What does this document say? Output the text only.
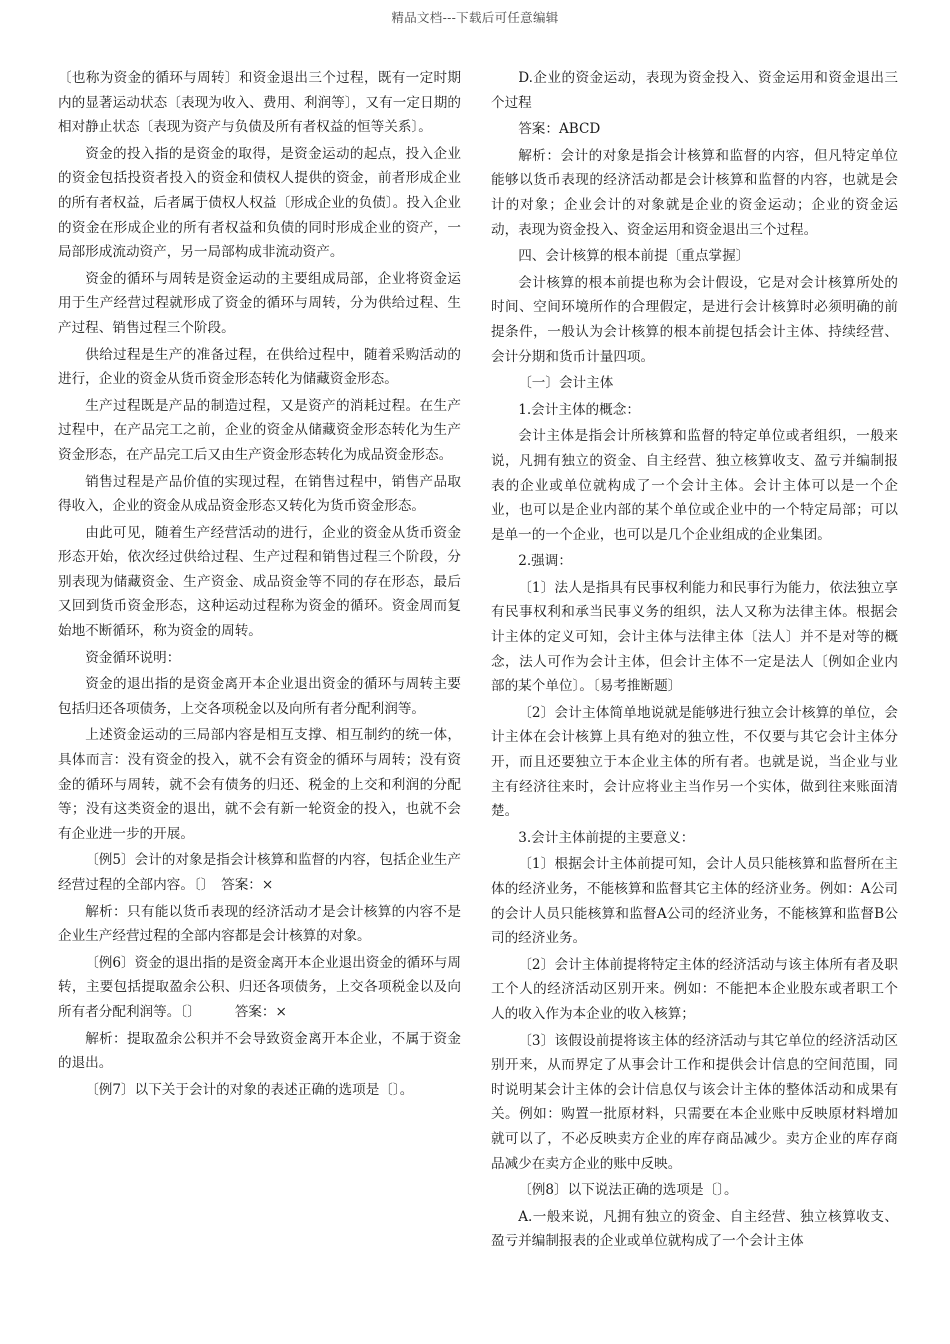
精品文档---下载后可任意编辑

〔也称为资金的循环与周转〕和资金退出三个过程，既有一定时期内的显著运动状态〔表现为收入、费用、利润等〕，又有一定日期的相对静止状态〔表现为资产与负债及所有者权益的恒等关系〕。

资金的投入指的是资金的取得，是资金运动的起点，投入企业的资金包括投资者投入的资金和债权人提供的资金，前者形成企业的所有者权益，后者属于债权人权益〔形成企业的负债〕。投入企业的资金在形成企业的所有者权益和负债的同时形成企业的资产，一局部形成流动资产，另一局部构成非流动资产。

资金的循环与周转是资金运动的主要组成局部，企业将资金运用于生产经营过程就形成了资金的循环与周转，分为供给过程、生产过程、销售过程三个阶段。

供给过程是生产的准备过程，在供给过程中，随着采购活动的进行，企业的资金从货币资金形态转化为储藏资金形态。

生产过程既是产品的制造过程，又是资产的消耗过程。在生产过程中，在产品完工之前，企业的资金从储藏资金形态转化为生产资金形态，在产品完工后又由生产资金形态转化为成品资金形态。

销售过程是产品价值的实现过程，在销售过程中，销售产品取得收入，企业的资金从成品资金形态又转化为货币资金形态。

由此可见，随着生产经营活动的进行，企业的资金从货币资金形态开始，依次经过供给过程、生产过程和销售过程三个阶段，分别表现为储藏资金、生产资金、成品资金等不同的存在形态，最后又回到货币资金形态，这种运动过程称为资金的循环。资金周而复始地不断循环，称为资金的周转。

资金循环说明：

资金的退出指的是资金离开本企业退出资金的循环与周转主要包括归还各项债务，上交各项税金以及向所有者分配利润等。

上述资金运动的三局部内容是相互支撑、相互制约的统一体，具体而言：没有资金的投入，就不会有资金的循环与周转；没有资金的循环与周转，就不会有债务的归还、税金的上交和利润的分配等；没有这类资金的退出，就不会有新一轮资金的投入，也就不会有企业进一步的开展。

〔例5〕会计的对象是指会计核算和监督的内容，包括企业生产经营过程的全部内容。〔〕　答案：×

解析：只有能以货币表现的经济活动才是会计核算的内容不是企业生产经营过程的全部内容都是会计核算的对象。

〔例6〕资金的退出指的是资金离开本企业退出资金的循环与周转，主要包括提取盈余公积、归还各项债务，上交各项税金以及向所有者分配利润等。〔〕　　　答案：×

解析：提取盈余公积并不会导致资金离开本企业，不属于资金的退出。

〔例7〕以下关于会计的对象的表述正确的选项是〔〕。

D.企业的资金运动，表现为资金投入、资金运用和资金退出三个过程

答案：ABCD

解析：会计的对象是指会计核算和监督的内容，但凡特定单位能够以货币表现的经济活动都是会计核算和监督的内容，也就是会计的对象；企业会计的对象就是企业的资金运动；企业的资金运动，表现为资金投入、资金运用和资金退出三个过程。

四、会计核算的根本前提〔重点掌握〕

会计核算的根本前提也称为会计假设，它是对会计核算所处的时间、空间环境所作的合理假定，是进行会计核算时必须明确的前提条件，一般认为会计核算的根本前提包括会计主体、持续经营、会计分期和货币计量四项。

〔一〕会计主体

1.会计主体的概念：

会计主体是指会计所核算和监督的特定单位或者组织，一般来说，凡拥有独立的资金、自主经营、独立核算收支、盈亏并编制报表的企业或单位就构成了一个会计主体。会计主体可以是一个企业，也可以是企业内部的某个单位或企业中的一个特定局部；可以是单一的一个企业，也可以是几个企业组成的企业集团。

2.强调：

〔1〕法人是指具有民事权利能力和民事行为能力，依法独立享有民事权利和承当民事义务的组织，法人又称为法律主体。根据会计主体的定义可知，会计主体与法律主体〔法人〕并不是对等的概念，法人可作为会计主体，但会计主体不一定是法人〔例如企业内部的某个单位〕。〔易考推断题〕

〔2〕会计主体简单地说就是能够进行独立会计核算的单位，会计主体在会计核算上具有绝对的独立性，不仅要与其它会计主体分开，而且还要独立于本企业主体的所有者。也就是说，当企业与业主有经济往来时，会计应将业主当作另一个实体，做到往来账面清楚。

3.会计主体前提的主要意义：

〔1〕根据会计主体前提可知，会计人员只能核算和监督所在主体的经济业务，不能核算和监督其它主体的经济业务。例如：A公司的会计人员只能核算和监督A公司的经济业务，不能核算和监督B公司的经济业务。

〔2〕会计主体前提将特定主体的经济活动与该主体所有者及职工个人的经济活动区别开来。例如：不能把本企业股东或者职工个人的收入作为本企业的收入核算；

〔3〕该假设前提将该主体的经济活动与其它单位的经济活动区别开来，从而界定了从事会计工作和提供会计信息的空间范围，同时说明某会计主体的会计信息仅与该会计主体的整体活动和成果有关。例如：购置一批原材料，只需要在本企业账中反映原材料增加就可以了，不必反映卖方企业的库存商品减少。卖方企业的库存商品减少在卖方企业的账中反映。

〔例8〕以下说法正确的选项是〔〕。

A.一般来说，凡拥有独立的资金、自主经营、独立核算收支、盈亏并编制报表的企业或单位就构成了一个会计主体
